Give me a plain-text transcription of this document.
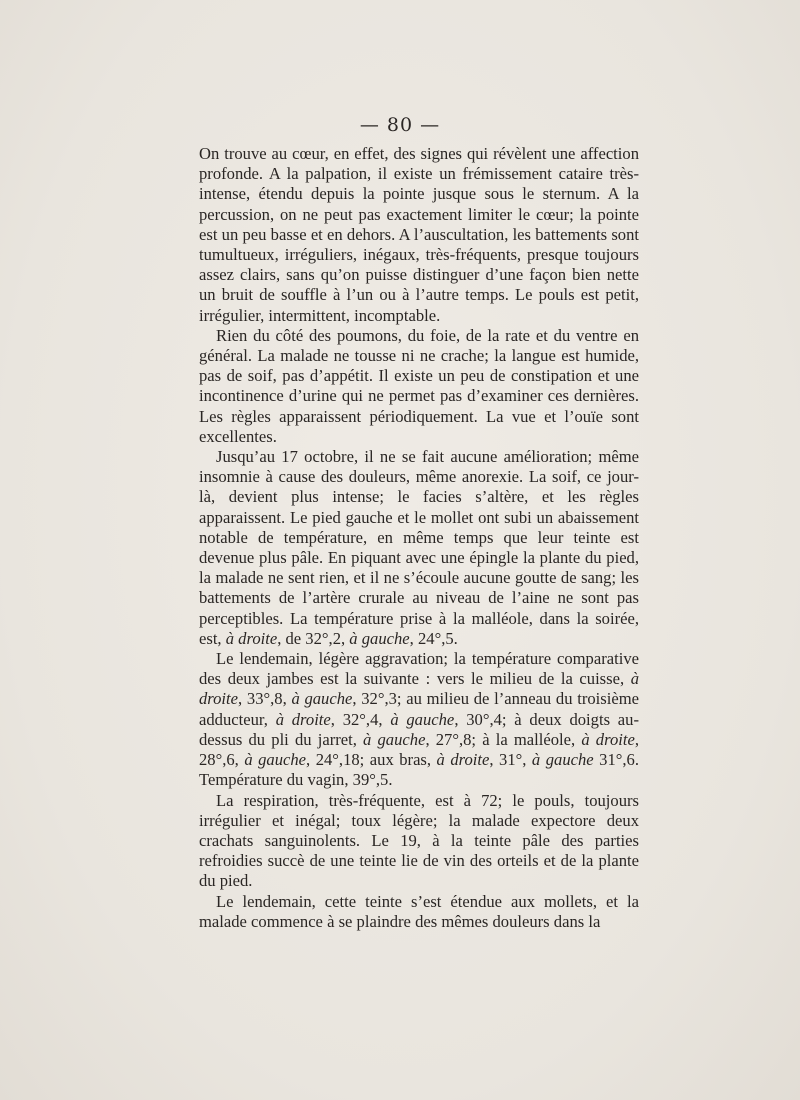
— 80 —

On trouve au cœur, en effet, des signes qui révèlent une affection profonde. A la palpation, il existe un frémissement cataire très-intense, étendu depuis la pointe jusque sous le sternum. A la percussion, on ne peut pas exactement limiter le cœur; la pointe est un peu basse et en dehors. A l’auscultation, les battements sont tumultueux, irréguliers, inégaux, très-fréquents, presque toujours assez clairs, sans qu’on puisse distinguer d’une façon bien nette un bruit de souffle à l’un ou à l’autre temps. Le pouls est petit, irrégulier, intermittent, incomptable.

Rien du côté des poumons, du foie, de la rate et du ventre en général. La malade ne tousse ni ne crache; la langue est humide, pas de soif, pas d’appétit. Il existe un peu de constipation et une incontinence d’urine qui ne permet pas d’examiner ces dernières. Les règles apparaissent périodiquement. La vue et l’ouïe sont excellentes.

Jusqu’au 17 octobre, il ne se fait aucune amélioration; même insomnie à cause des douleurs, même anorexie. La soif, ce jour-là, devient plus intense; le facies s’altère, et les règles apparaissent. Le pied gauche et le mollet ont subi un abaissement notable de température, en même temps que leur teinte est devenue plus pâle. En piquant avec une épingle la plante du pied, la malade ne sent rien, et il ne s’écoule aucune goutte de sang; les battements de l’artère crurale au niveau de l’aine ne sont pas perceptibles. La température prise à la malléole, dans la soirée, est, à droite, de 32°,2, à gauche, 24°,5.

Le lendemain, légère aggravation; la température comparative des deux jambes est la suivante : vers le milieu de la cuisse, à droite, 33°,8, à gauche, 32°,3; au milieu de l’anneau du troisième adducteur, à droite, 32°,4, à gauche, 30°,4; à deux doigts au-dessus du pli du jarret, à gauche, 27°,8; à la malléole, à droite, 28°,6, à gauche, 24°,18; aux bras, à droite, 31°, à gauche 31°,6. Température du vagin, 39°,5.

La respiration, très-fréquente, est à 72; le pouls, toujours irrégulier et inégal; toux légère; la malade expectore deux crachats sanguinolents. Le 19, à la teinte pâle des parties refroidies succè de une teinte lie de vin des orteils et de la plante du pied.

Le lendemain, cette teinte s’est étendue aux mollets, et la malade commence à se plaindre des mêmes douleurs dans la
